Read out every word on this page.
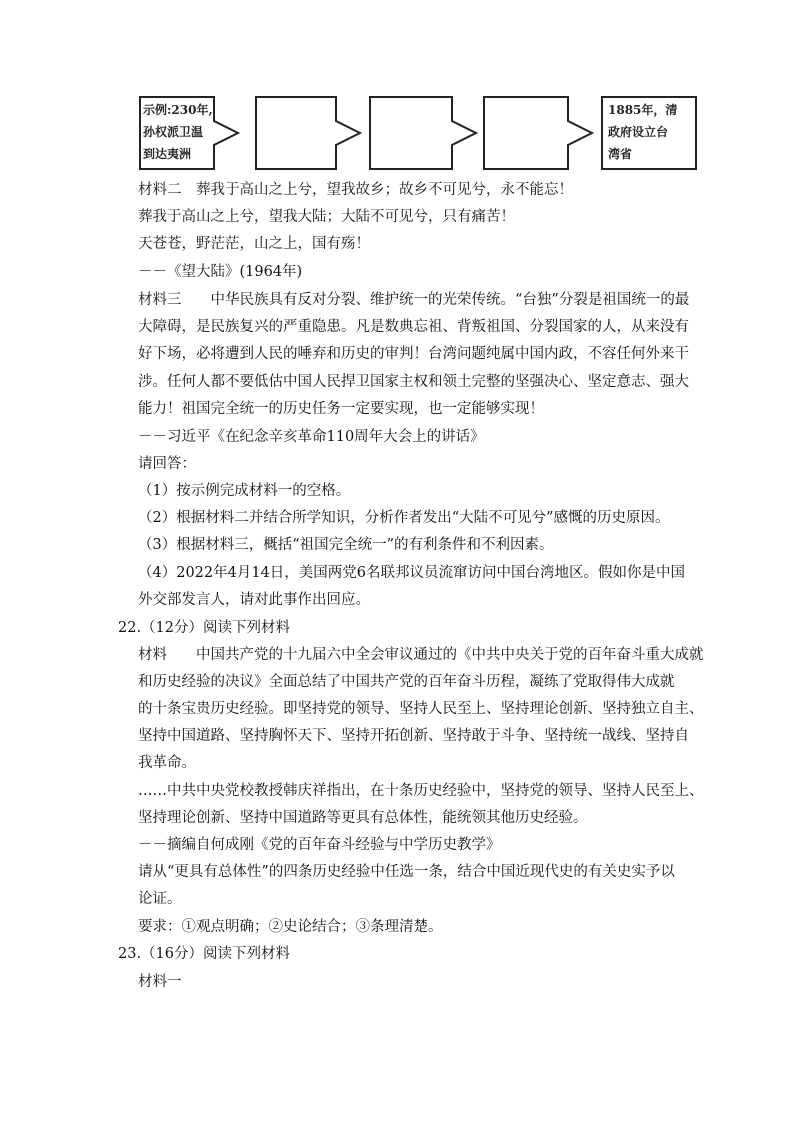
示例:230年,
孙权派卫温
到达夷洲
1885年，清
政府设立台
湾省
材料二　葬我于高山之上兮，望我故乡；故乡不可见兮，永不能忘！
葬我于高山之上兮，望我大陆；大陆不可见兮，只有痛苦！
天苍苍，野茫茫，山之上，国有殇！
－－《望大陆》(1964年)
材料三　　中华民族具有反对分裂、维护统一的光荣传统。“台独”分裂是祖国统一的最
大障碍，是民族复兴的严重隐患。凡是数典忘祖、背叛祖国、分裂国家的人，从来没有
好下场，必将遭到人民的唾弃和历史的审判！台湾问题纯属中国内政，不容任何外来干
涉。任何人都不要低估中国人民捍卫国家主权和领土完整的坚强决心、坚定意志、强大
能力！祖国完全统一的历史任务一定要实现，也一定能够实现！
－－习近平《在纪念辛亥革命110周年大会上的讲话》
请回答：
（1）按示例完成材料一的空格。
（2）根据材料二并结合所学知识，分析作者发出“大陆不可见兮”感慨的历史原因。
（3）根据材料三，概括“祖国完全统一”的有利条件和不利因素。
（4）2022年4月14日，美国两党6名联邦议员流窜访问中国台湾地区。假如你是中国
外交部发言人，请对此事作出回应。
22.（12分）阅读下列材料
材料　　中国共产党的十九届六中全会审议通过的《中共中央关于党的百年奋斗重大成就
和历史经验的决议》全面总结了中国共产党的百年奋斗历程，凝练了党取得伟大成就
的十条宝贵历史经验。即坚持党的领导、坚持人民至上、坚持理论创新、坚持独立自主、
坚持中国道路、坚持胸怀天下、坚持开拓创新、坚持敢于斗争、坚持统一战线、坚持自
我革命。
……中共中央党校教授韩庆祥指出，在十条历史经验中，坚持党的领导、坚持人民至上、
坚持理论创新、坚持中国道路等更具有总体性，能统领其他历史经验。
－－摘编自何成刚《党的百年奋斗经验与中学历史教学》
请从“更具有总体性”的四条历史经验中任选一条，结合中国近现代史的有关史实予以
论证。
要求：①观点明确；②史论结合；③条理清楚。
23.（16分）阅读下列材料
材料一
